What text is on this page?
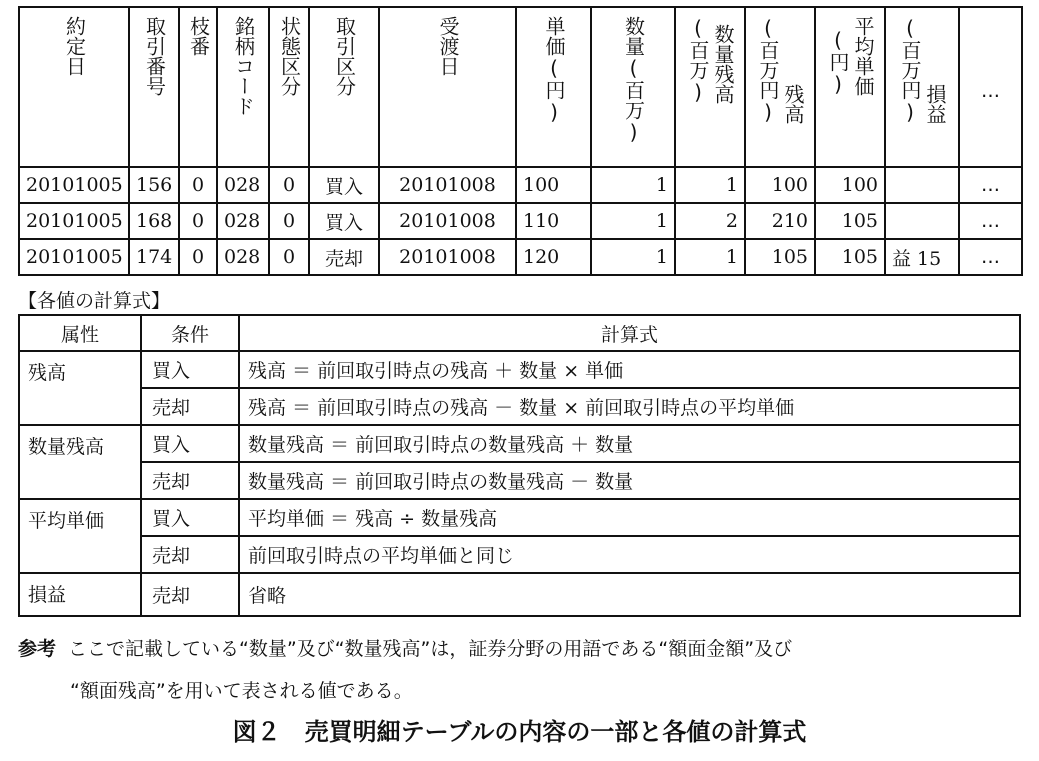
約定日	取引番号	枝番	銘柄コード	状態区分	取引区分	受渡日	単価(円)	数量(百万)	(百万)数量残高	(百万円)残高	(円)平均単価	(百万円)損益	…
20101005	156	0	028	0	買入	20101008	100	1	1	100	100		…
20101005	168	0	028	0	買入	20101008	110	1	2	210	105		…
20101005	174	0	028	0	売却	20101008	120	1	1	105	105	益 15	…
【各値の計算式】
属性	条件	計算式
残高	買入	残高 ＝ 前回取引時点の残高 ＋ 数量 × 単価
	売却	残高 ＝ 前回取引時点の残高 － 数量 × 前回取引時点の平均単価
数量残高	買入	数量残高 ＝ 前回取引時点の数量残高 ＋ 数量
	売却	数量残高 ＝ 前回取引時点の数量残高 － 数量
平均単価	買入	平均単価 ＝ 残高 ÷ 数量残高
	売却	前回取引時点の平均単価と同じ
損益	売却	省略
参考 ここで記載している“数量”及び“数量残高”は，証券分野の用語である“額面金額”及び
“額面残高”を用いて表される値である。
図２　売買明細テーブルの内容の一部と各値の計算式
